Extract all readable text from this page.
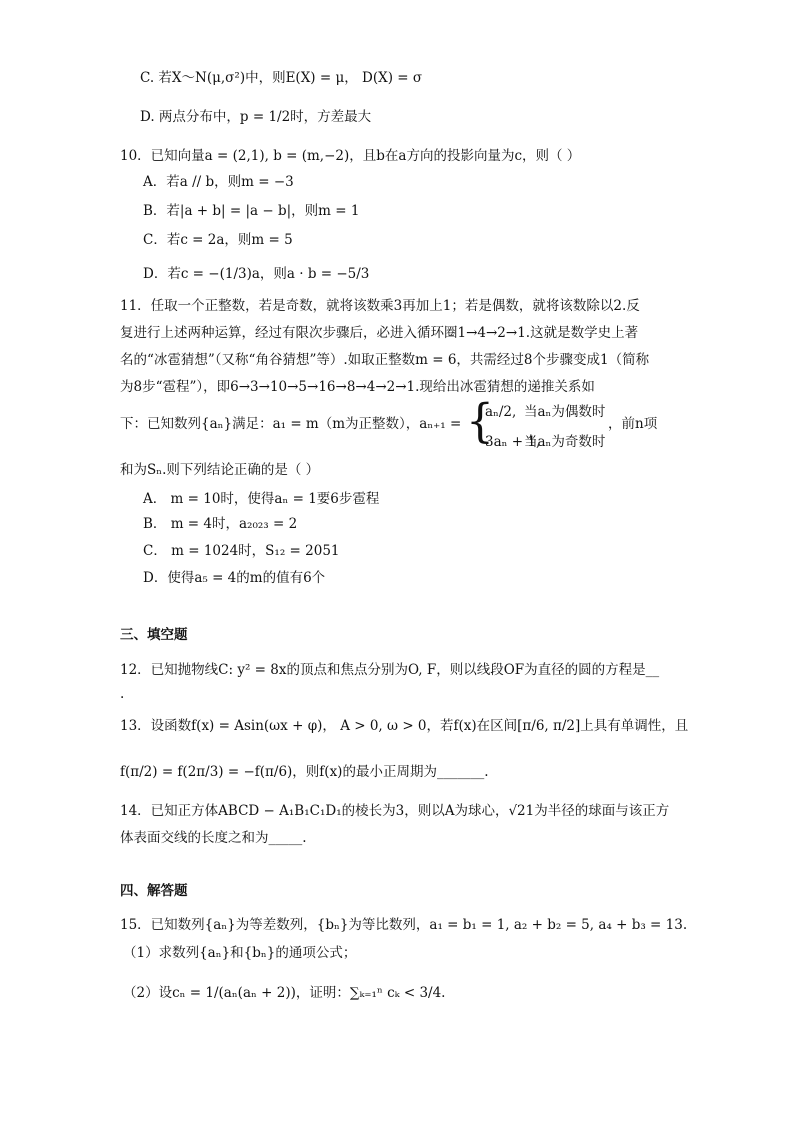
C. 若X～N(μ,σ²)中，则E(X) = μ， D(X) = σ
D. 两点分布中，p = 1/2时，方差最大
10．已知向量a = (2,1), b = (m,−2)，且b在a方向的投影向量为c，则（ ）
A．若a // b，则m = −3
B．若|a + b| = |a − b|，则m = 1
C．若c = 2a，则m = 5
D．若c = −(1/3)a，则a · b = −5/3
11．任取一个正整数，若是奇数，就将该数乘3再加上1；若是偶数，就将该数除以2.反
复进行上述两种运算，经过有限次步骤后，必进入循环圈1→4→2→1.这就是数学史上著
名的“冰雹猜想”（又称“角谷猜想”等）.如取正整数m = 6，共需经过8个步骤变成1（简称
为8步“雹程”），即6→3→10→5→16→8→4→2→1.现给出冰雹猜想的递推关系如
下：已知数列{aₙ}满足：a₁ = m（m为正整数），aₙ₊₁ = {
aₙ/2, 当aₙ为偶数时
3aₙ + 1,
当aₙ为奇数时
，前n项
和为Sₙ.则下列结论正确的是（ ）
A． m = 10时，使得aₙ = 1要6步雹程
B． m = 4时，a₂₀₂₃ = 2
C． m = 1024时，S₁₂ = 2051
D．使得a₅ = 4的m的值有6个
三、填空题
12．已知抛物线C: y² = 8x的顶点和焦点分别为O, F，则以线段OF为直径的圆的方程是__
.
13．设函数f(x) = Asin(ωx + φ)， A > 0, ω > 0，若f(x)在区间[π/6, π/2]上具有单调性，且
f(π/2) = f(2π/3) = −f(π/6)，则f(x)的最小正周期为_______.
14．已知正方体ABCD − A₁B₁C₁D₁的棱长为3，则以A为球心，√21为半径的球面与该正方
体表面交线的长度之和为_____.
四、解答题
15．已知数列{aₙ}为等差数列，{bₙ}为等比数列，a₁ = b₁ = 1, a₂ + b₂ = 5, a₄ + b₃ = 13.
（1）求数列{aₙ}和{bₙ}的通项公式；
（2）设cₙ = 1/(aₙ(aₙ + 2))，证明：∑ₖ₌₁ⁿ cₖ < 3/4.
